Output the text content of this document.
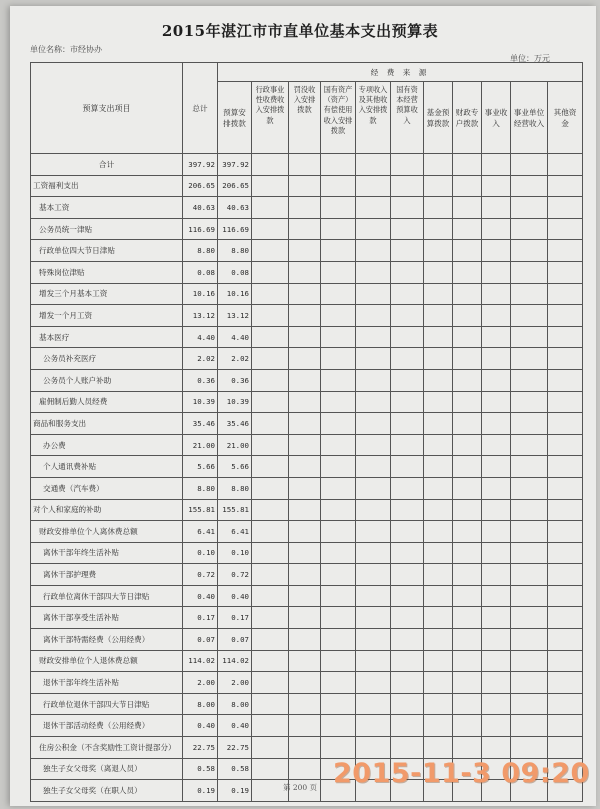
2015年湛江市市直单位基本支出预算表
单位名称：市经协办
单位：万元
预算支出项目	总计	经 费 来 源										
		预算安排拨款	行政事业性收费收入安排拨款	罚没收入安排拨款	国有资产（资产）有偿使用收入安排拨款	专项收入及其他收入安排拨款	国有资本经营预算收入	基金预算拨款	财政专户拨款	事业收入	事业单位经营收入	其他资金
合计	397.92	397.92										
工资福利支出	206.65	206.65										
基本工资	40.63	40.63										
公务员统一津贴	116.69	116.69										
行政单位四大节日津贴	8.80	8.80										
特殊岗位津贴	0.08	0.08										
增发三个月基本工资	10.16	10.16										
增发一个月工资	13.12	13.12										
基本医疗	4.40	4.40										
公务员补充医疗	2.02	2.02										
公务员个人账户补助	0.36	0.36										
雇佣制后勤人员经费	10.39	10.39										
商品和服务支出	35.46	35.46										
办公费	21.00	21.00										
个人通讯费补贴	5.66	5.66										
交通费（汽车费）	8.80	8.80										
对个人和家庭的补助	155.81	155.81										
财政安排单位个人离休费总额	6.41	6.41										
离休干部年终生活补贴	0.10	0.10										
离休干部护理费	0.72	0.72										
行政单位离休干部四大节日津贴	0.40	0.40										
离休干部享受生活补贴	0.17	0.17										
离休干部特需经费（公用经费）	0.07	0.07										
财政安排单位个人退休费总额	114.02	114.02										
退休干部年终生活补贴	2.00	2.00										
行政单位退休干部四大节日津贴	8.00	8.00										
退休干部活动经费（公用经费）	0.40	0.40										
住房公积金（不含奖励性工资计提部分）	22.75	22.75										
独生子女父母奖（离退人员）	0.58	0.58										
独生子女父母奖（在职人员）	0.19	0.19											第 200 页 2015-11-3 09:20
